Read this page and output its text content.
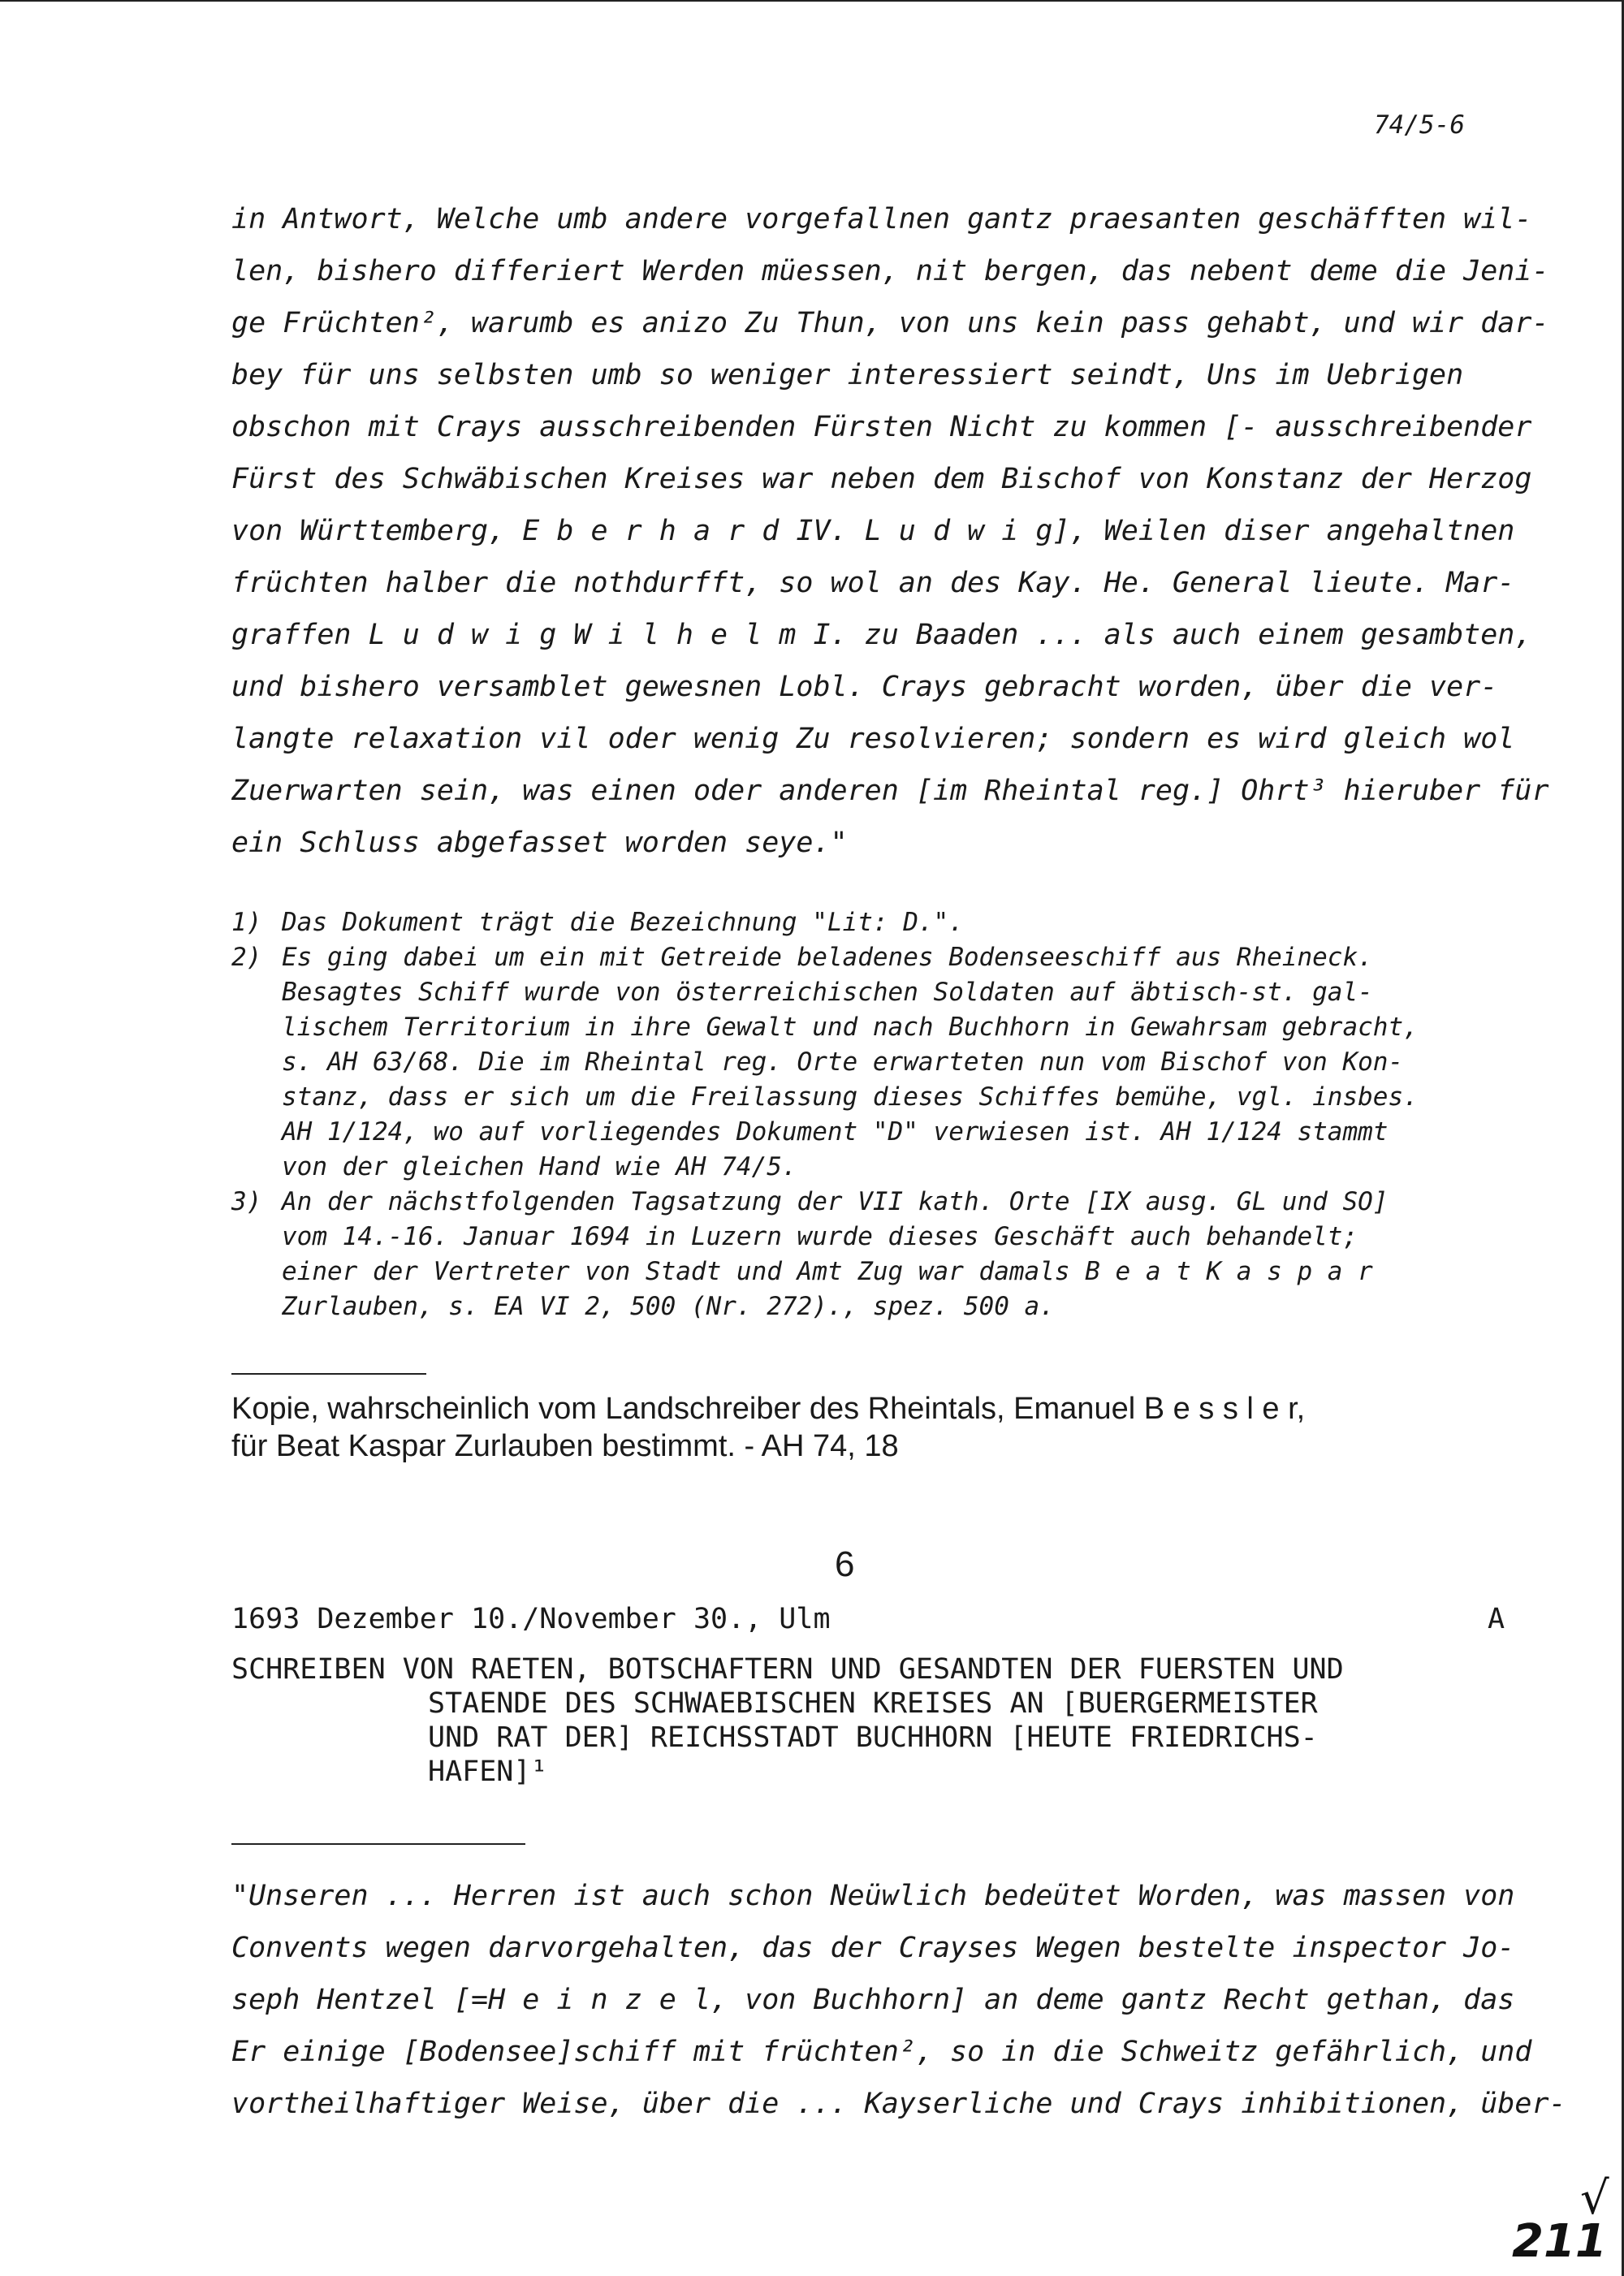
74/5-6
in Antwort, Welche umb andere vorgefallnen gantz praesanten geschäfften wil-
len, bishero differiert Werden müessen, nit bergen, das nebent deme die Jeni-
ge Früchten², warumb es anizo Zu Thun, von uns kein pass gehabt, und wir dar-
bey für uns selbsten umb so weniger interessiert seindt, Uns im Uebrigen
obschon mit Crays ausschreibenden Fürsten Nicht zu kommen [- ausschreibender
Fürst des Schwäbischen Kreises war neben dem Bischof von Konstanz der Herzog
von Württemberg, E b e r h a r d IV. L u d w i g], Weilen diser angehaltnen
früchten halber die nothdurfft, so wol an des Kay. He. General lieute. Mar-
graffen L u d w i g W i l h e l m I. zu Baaden ... als auch einem gesambten,
und bishero versamblet gewesnen Lobl. Crays gebracht worden, über die ver-
langte relaxation vil oder wenig Zu resolvieren; sondern es wird gleich wol
Zuerwarten sein, was einen oder anderen [im Rheintal reg.] Ohrt³ hieruber für
ein Schluss abgefasset worden seye."
1) Das Dokument trägt die Bezeichnung "Lit: D.".
2) Es ging dabei um ein mit Getreide beladenes Bodenseeschiff aus Rheineck.
Besagtes Schiff wurde von österreichischen Soldaten auf äbtisch-st. gal-
lischem Territorium in ihre Gewalt und nach Buchhorn in Gewahrsam gebracht,
s. AH 63/68. Die im Rheintal reg. Orte erwarteten nun vom Bischof von Kon-
stanz, dass er sich um die Freilassung dieses Schiffes bemühe, vgl. insbes.
AH 1/124, wo auf vorliegendes Dokument "D" verwiesen ist. AH 1/124 stammt
von der gleichen Hand wie AH 74/5.
3) An der nächstfolgenden Tagsatzung der VII kath. Orte [IX ausg. GL und SO]
vom 14.-16. Januar 1694 in Luzern wurde dieses Geschäft auch behandelt;
einer der Vertreter von Stadt und Amt Zug war damals B e a t K a s p a r
Zurlauben, s. EA VI 2, 500 (Nr. 272)., spez. 500 a.
Kopie, wahrscheinlich vom Landschreiber des Rheintals, Emanuel B e s s l e r,
für Beat Kaspar Zurlauben bestimmt. - AH 74, 18
6
1693 Dezember 10./November 30., Ulm	A
SCHREIBEN VON RAETEN, BOTSCHAFTERN UND GESANDTEN DER FUERSTEN UND
STAENDE DES SCHWAEBISCHEN KREISES AN [BUERGERMEISTER
UND RAT DER] REICHSSTADT BUCHHORN [HEUTE FRIEDRICHS-
HAFEN]¹
"Unseren ... Herren ist auch schon Neüwlich bedeütet Worden, was massen von
Convents wegen darvorgehalten, das der Crayses Wegen bestelte inspector Jo-
seph Hentzel [=H e i n z e l, von Buchhorn] an deme gantz Recht gethan, das
Er einige [Bodensee]schiff mit früchten², so in die Schweitz gefährlich, und
vortheilhaftiger Weise, über die ... Kayserliche und Crays inhibitionen, über-
√
211
